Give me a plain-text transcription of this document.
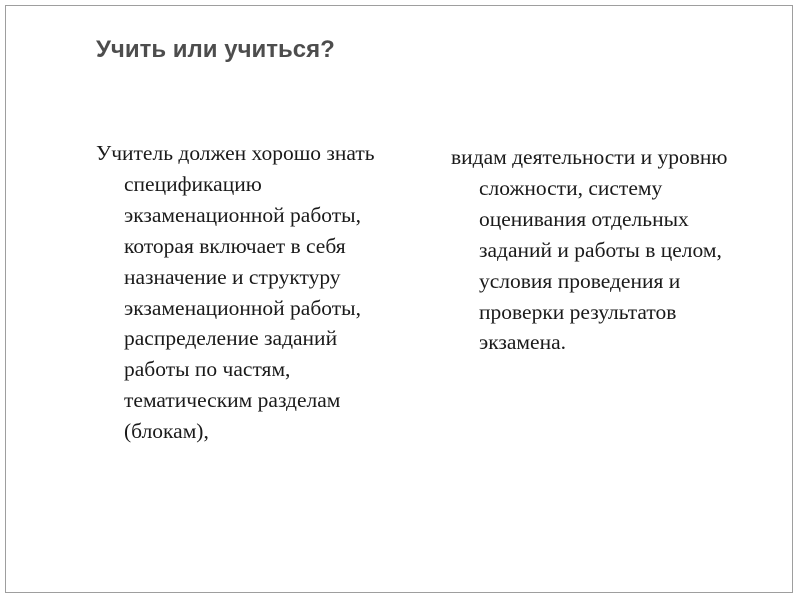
Учить или учиться?

Учитель должен хорошо знать спецификацию экзаменационной работы, которая включает в себя назначение и структуру экзаменационной работы, распределение заданий работы по частям, тематическим разделам (блокам),

видам деятельности и уровню сложности, систему оценивания отдельных заданий и работы в целом, условия проведения и проверки результатов экзамена.
